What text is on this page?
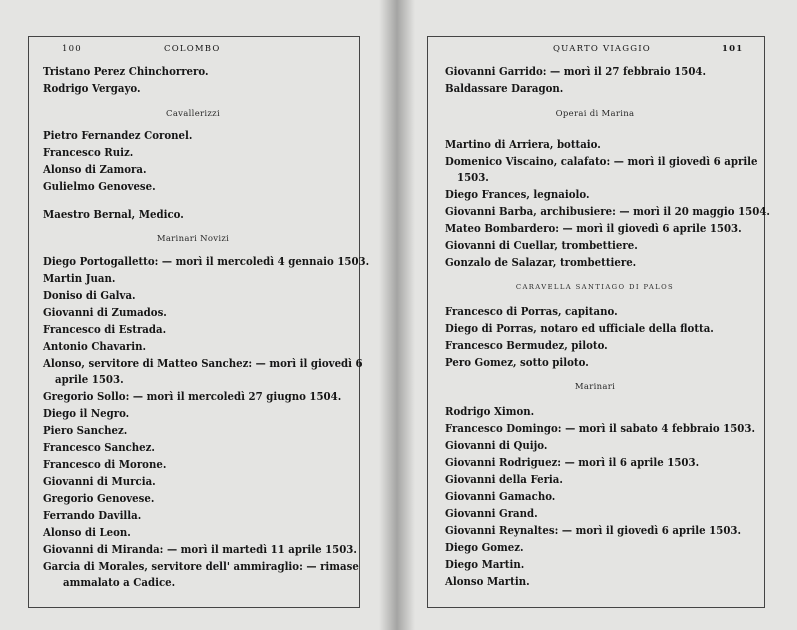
100	COLOMBO
Tristano Perez Chinchorrero.
Rodrigo Vergayo.
Cavallerizzi
Pietro Fernandez Coronel.
Francesco Ruiz.
Alonso di Zamora.
Gulielmo Genovese.
Maestro Bernal, Medico.
Marinari Novizi
Diego Portogalletto: — morì il mercoledì 4 gennaio 1503.
Martin Juan.
Doniso di Galva.
Giovanni di Zumados.
Francesco di Estrada.
Antonio Chavarin.
Alonso, servitore di Matteo Sanchez: — morì il giovedì 6
aprile 1503.
Gregorio Sollo: — morì il mercoledì 27 giugno 1504.
Diego il Negro.
Piero Sanchez.
Francesco Sanchez.
Francesco di Morone.
Giovanni di Murcia.
Gregorio Genovese.
Ferrando Davilla.
Alonso di Leon.
Giovanni di Miranda: — morì il martedì 11 aprile 1503.
Garcia di Morales, servitore dell' ammiraglio: — rimase
ammalato a Cadice.
QUARTO VIAGGIO	101
Giovanni Garrido: — morì il 27 febbraio 1504.
Baldassare Daragon.
Operai di Marina
Martino di Arriera, bottaio.
Domenico Viscaino, calafato: — morì il giovedì 6 aprile
1503.
Diego Frances, legnaiolo.
Giovanni Barba, archibusiere: — morì il 20 maggio 1504.
Mateo Bombardero: — morì il giovedì 6 aprile 1503.
Giovanni di Cuellar, trombettiere.
Gonzalo de Salazar, trombettiere.
CARAVELLA SANTIAGO DI PALOS
Francesco di Porras, capitano.
Diego di Porras, notaro ed ufficiale della flotta.
Francesco Bermudez, piloto.
Pero Gomez, sotto piloto.
Marinari
Rodrigo Ximon.
Francesco Domingo: — morì il sabato 4 febbraio 1503.
Giovanni di Quijo.
Giovanni Rodriguez: — morì il 6 aprile 1503.
Giovanni della Feria.
Giovanni Gamacho.
Giovanni Grand.
Giovanni Reynaltes: — morì il giovedì 6 aprile 1503.
Diego Gomez.
Diego Martin.
Alonso Martin.
